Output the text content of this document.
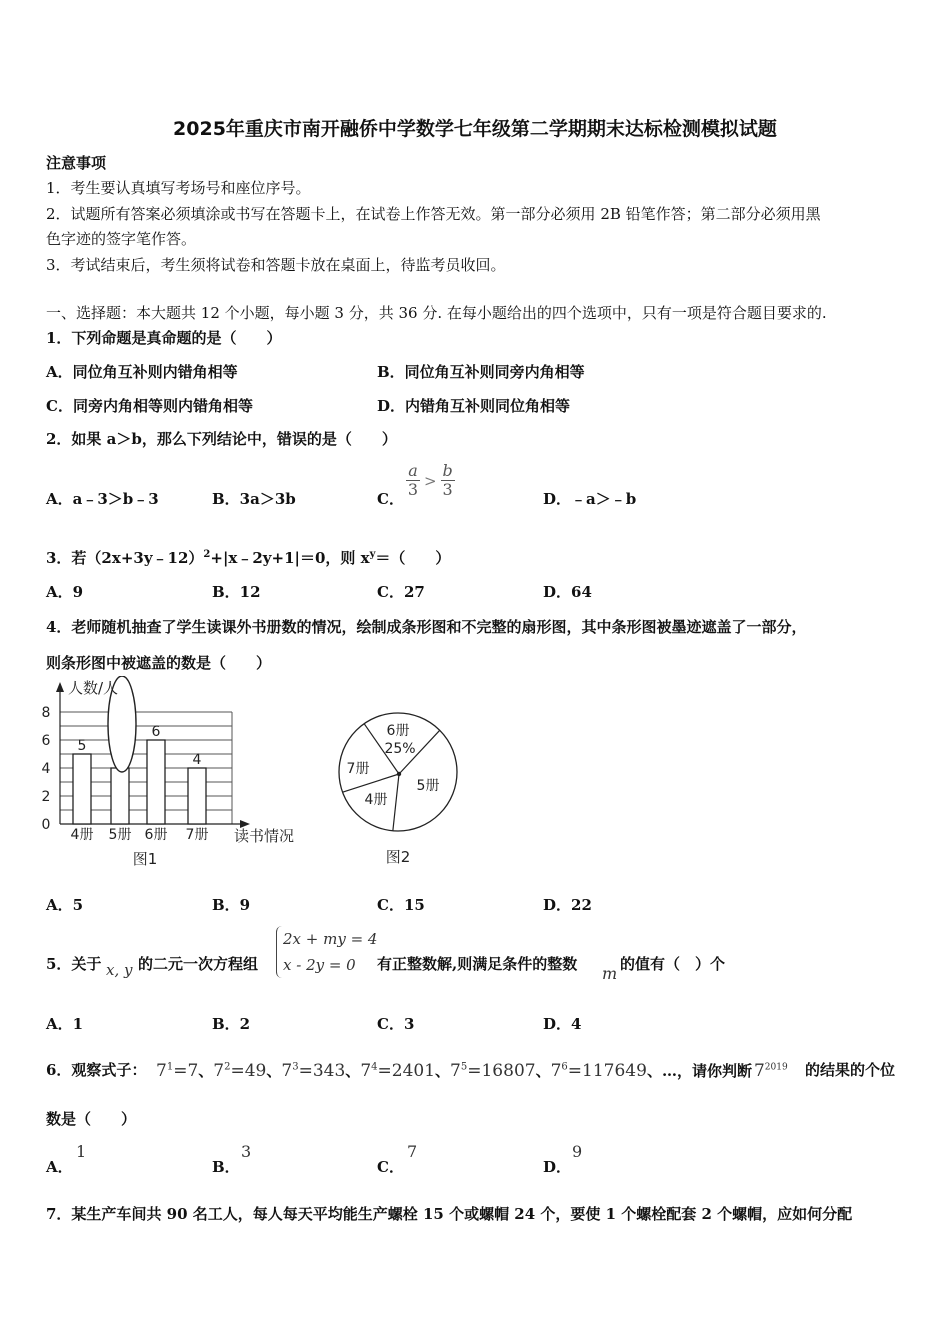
2025年重庆市南开融侨中学数学七年级第二学期期末达标检测模拟试题
注意事项
1．考生要认真填写考场号和座位序号。
2．试题所有答案必须填涂或书写在答题卡上，在试卷上作答无效。第一部分必须用 2B 铅笔作答；第二部分必须用黑
色字迹的签字笔作答。
3．考试结束后，考生须将试卷和答题卡放在桌面上，待监考员收回。
一、选择题：本大题共 12 个小题，每小题 3 分，共 36 分. 在每小题给出的四个选项中，只有一项是符合题目要求的.
1．下列命题是真命题的是（　　）
A．同位角互补则内错角相等	B．同位角互补则同旁内角相等
C．同旁内角相等则内错角相等	D．内错角互补则同位角相等
2．如果 a＞b，那么下列结论中，错误的是（　　）
A．a﹣3＞b﹣3	B．3a＞3b	C． $\frac{a}{3} > \frac{b}{3}$	D．﹣a＞﹣b
3．若（2x+3y﹣12）$^2$+|x﹣2y+1|＝0，则 $x^y=$（　　）
A．9	B．12	C．27	D．64
4．老师随机抽查了学生读课外书册数的情况，绘制成条形图和不完整的扇形图，其中条形图被墨迹遮盖了一部分，
则条形图中被遮盖的数是（　　）
0
2
4
6
8
人数/人
读书情况
4册
5
5册 6册
6
7册
4
图1
6册
5册
4册
7册
25%
图2
A．5	B．9	C．15	D．22
5．关于 x, y 的二元一次方程组
2x + my = 4
x - 2y = 0	有正整数解,则满足条件的整数 m 的值有（　）个
A．1	B．2	C．3	D．4
6．观察式子： $7^1=7$ 、 $7^2=49$ 、 $7^3=343$ 、 $7^4=2401$ 、 $7^5=16807$ 、 $7^6=117649$ 、…，请你判断 $7^{2019}$ 的结果的个位
数是（　　）
A．
1
B．
3
C．
7
D．
9
7．某生产车间共 90 名工人，每人每天平均能生产螺栓 15 个或螺帽 24 个，要使 1 个螺栓配套 2 个螺帽，应如何分配
